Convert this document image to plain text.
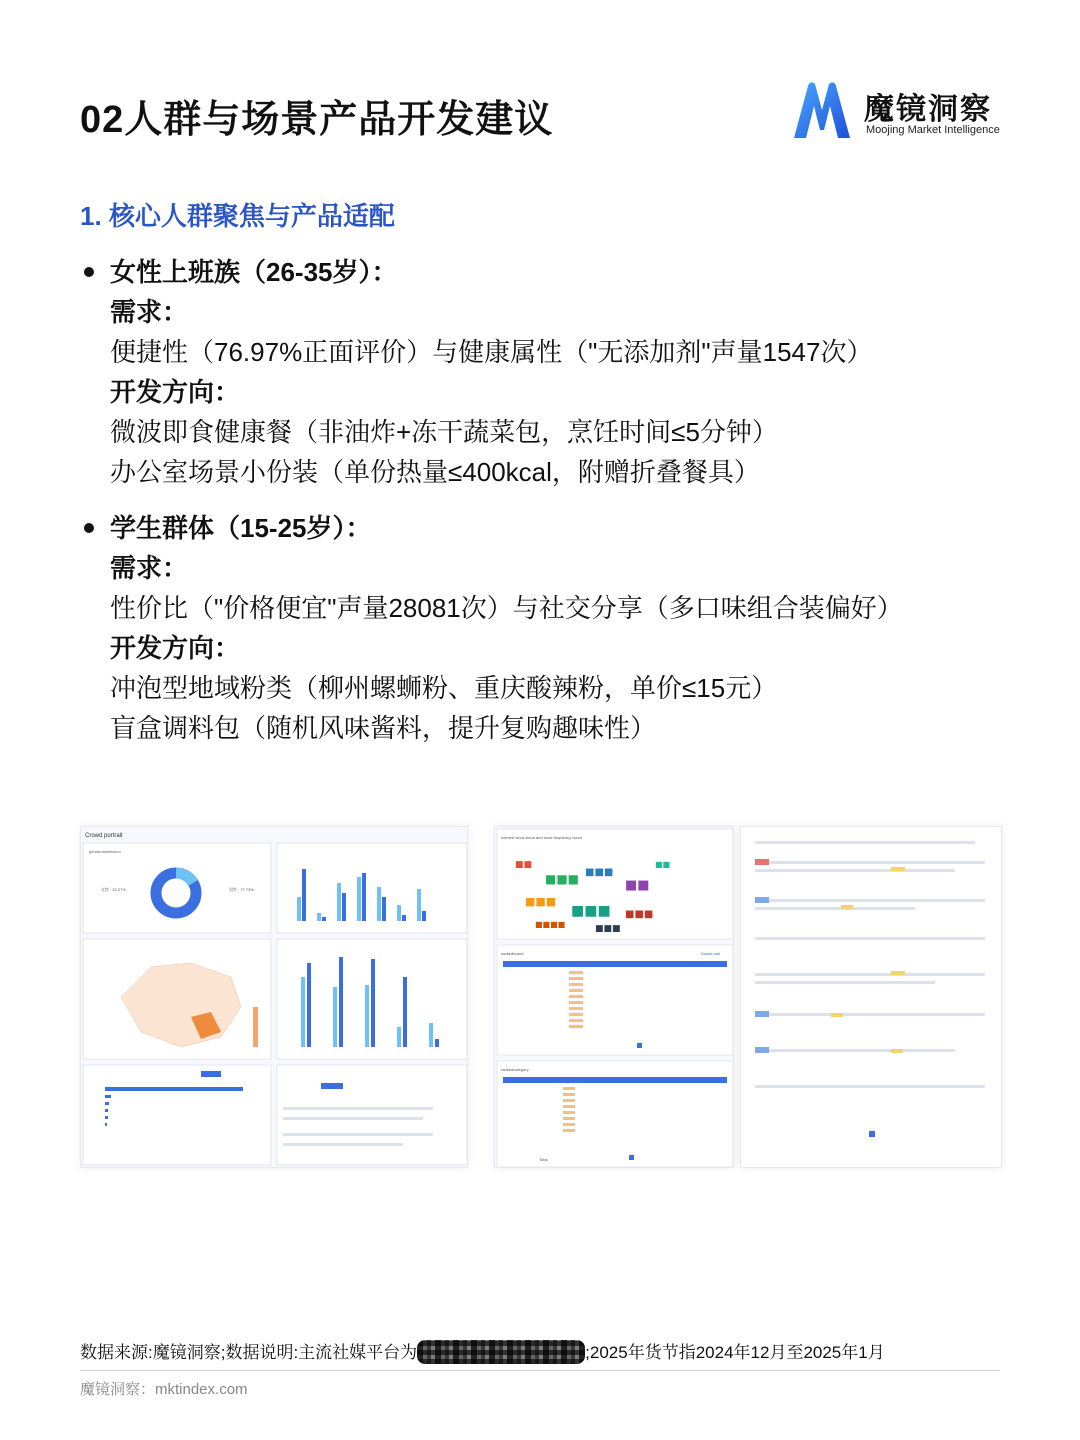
02人群与场景产品开发建议	魔镜洞察
Moojing Market Intelligence
1. 核心人群聚焦与产品适配
女性上班族（26-35岁）：
需求：
便捷性（76.97%正面评价）与健康属性（"无添加剂"声量1547次）
开发方向：
微波即食健康餐（非油炸+冻干蔬菜包，烹饪时间≤5分钟）
办公室场景小份装（单份热量≤400kcal，附赠折叠餐具）
学生群体（15-25岁）：
需求：
性价比（"价格便宜"声量28081次）与社交分享（多口味组合装偏好）
开发方向：
冲泡型地域粉类（柳州螺蛳粉、重庆酸辣粉，单价≤15元）
盲盒调料包（随机风味酱料，提升复购趣味性）
Crowd portrait
genderdistribution
女性 : 22.27%	男性 : 77.73%
Interest word cloud and word frequency count
■■
■■■ ■■■
■■
■■■
■■■ ■■■
■■■■	■■■
■■
rankedbrand	DownLoad
rankedcategory
Total
数据来源:魔镜洞察;数据说明:主流社媒平台为	;2025年货节指2024年12月至2025年1月
魔镜洞察：mktindex.com
